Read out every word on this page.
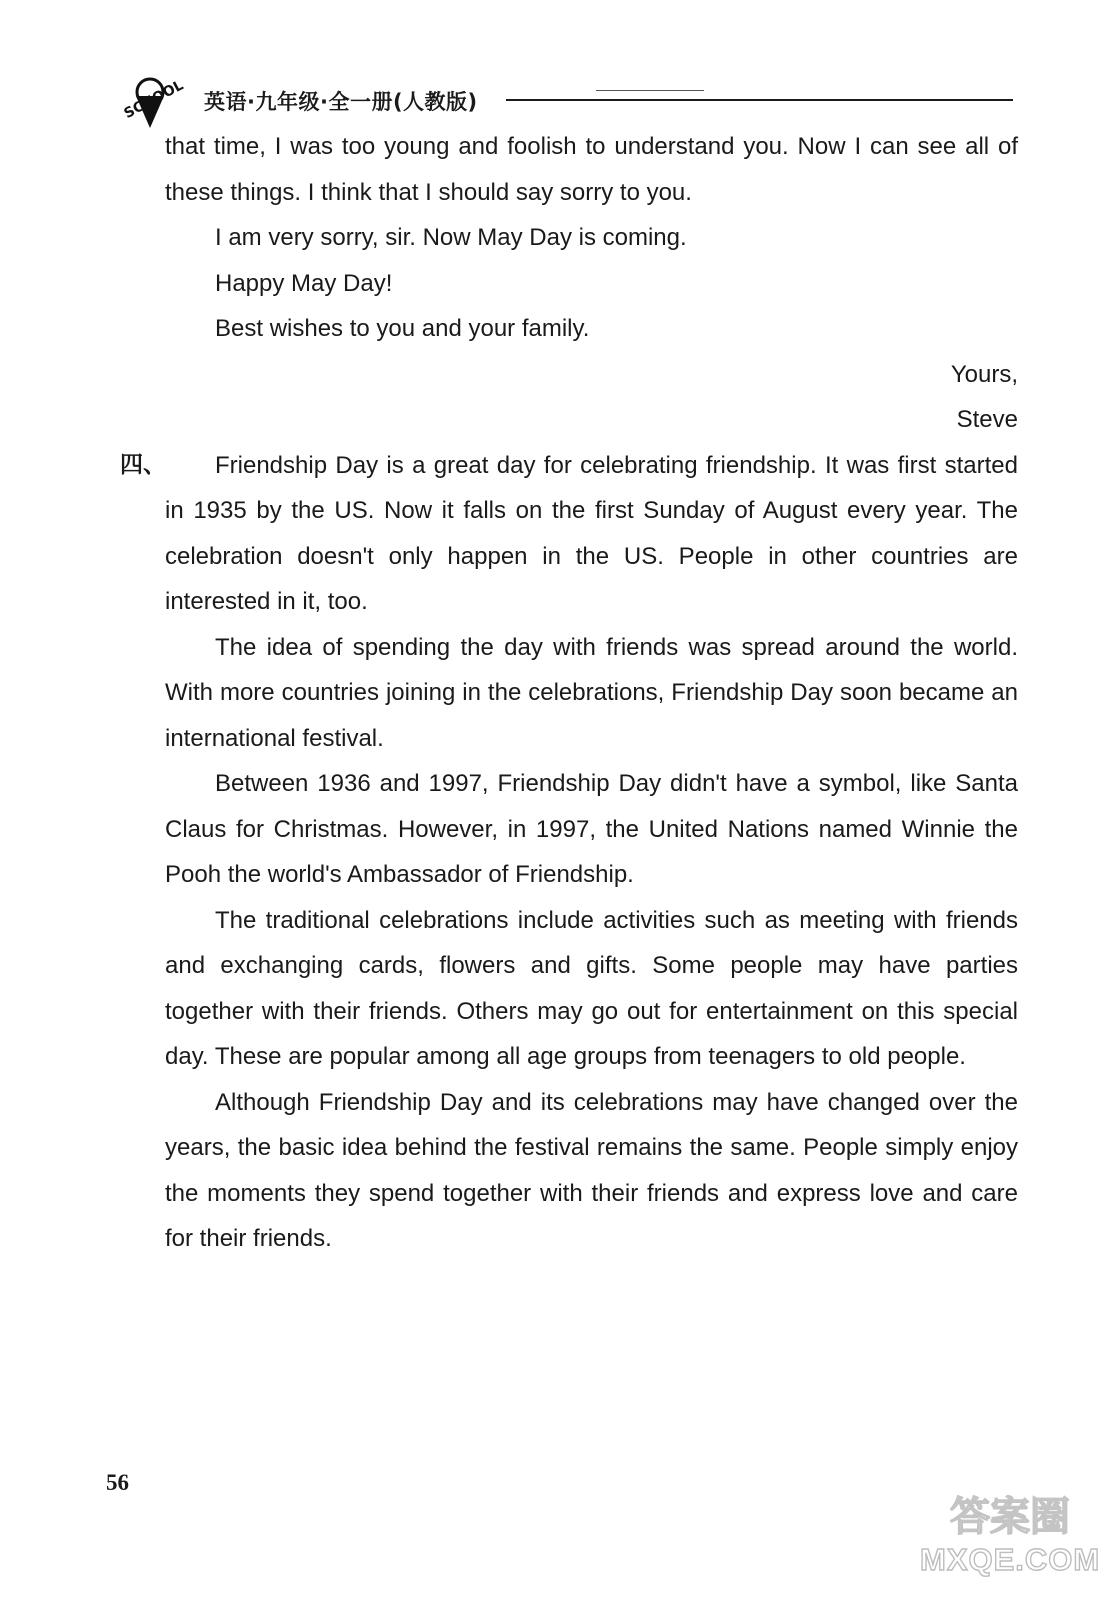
SCHOOL 英语·九年级·全一册(人教版)

that time, I was too young and foolish to understand you. Now I can see all of these things. I think that I should say sorry to you.

I am very sorry, sir. Now May Day is coming.

Happy May Day!

Best wishes to you and your family.

Yours,

Steve

四、	Friendship Day is a great day for celebrating friendship. It was first started in 1935 by the US. Now it falls on the first Sunday of August every year. The celebration doesn't only happen in the US. People in other countries are interested in it, too.

The idea of spending the day with friends was spread around the world. With more countries joining in the celebrations, Friendship Day soon became an international festival.

Between 1936 and 1997, Friendship Day didn't have a symbol, like Santa Claus for Christmas. However, in 1997, the United Nations named Winnie the Pooh the world's Ambassador of Friendship.

The traditional celebrations include activities such as meeting with friends and exchanging cards, flowers and gifts. Some people may have parties together with their friends. Others may go out for entertainment on this special day. These are popular among all age groups from teenagers to old people.

Although Friendship Day and its celebrations may have changed over the years, the basic idea behind the festival remains the same. People simply enjoy the moments they spend together with their friends and express love and care for their friends.

56
答案圈
MXQE.COM
